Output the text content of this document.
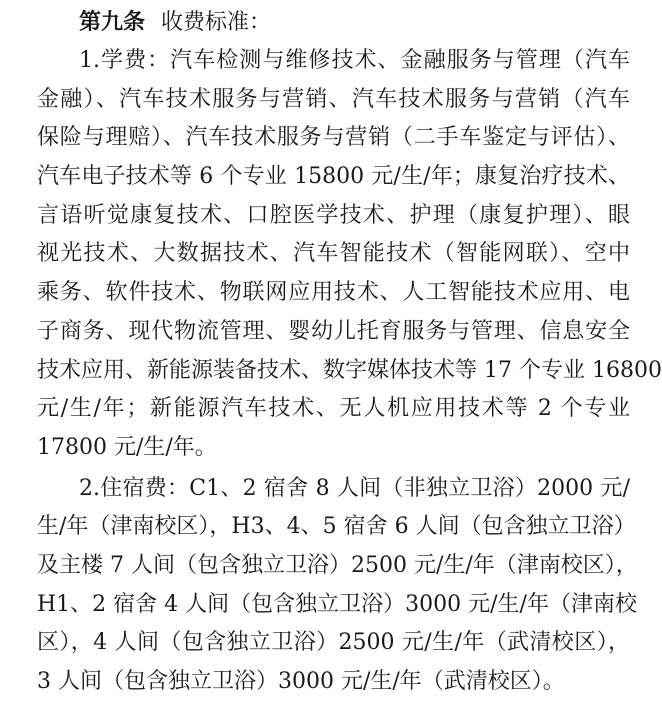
第九条 收费标准：
1.学费：汽车检测与维修技术、金融服务与管理（汽车
金融）、汽车技术服务与营销、汽车技术服务与营销（汽车
保险与理赔）、汽车技术服务与营销（二手车鉴定与评估）、
汽车电子技术等 6 个专业 15800 元/生/年；康复治疗技术、
言语听觉康复技术、口腔医学技术、护理（康复护理）、眼
视光技术、大数据技术、汽车智能技术（智能网联）、空中
乘务、软件技术、物联网应用技术、人工智能技术应用、电
子商务、现代物流管理、婴幼儿托育服务与管理、信息安全
技术应用、新能源装备技术、数字媒体技术等 17 个专业 16800
元/生/年；新能源汽车技术、无人机应用技术等 2 个专业
17800 元/生/年。
2.住宿费：C1、2 宿舍 8 人间（非独立卫浴）2000 元/
生/年（津南校区），H3、4、5 宿舍 6 人间（包含独立卫浴）
及主楼 7 人间（包含独立卫浴）2500 元/生/年（津南校区），
H1、2 宿舍 4 人间（包含独立卫浴）3000 元/生/年（津南校
区），4 人间（包含独立卫浴）2500 元/生/年（武清校区），
3 人间（包含独立卫浴）3000 元/生/年（武清校区）。
